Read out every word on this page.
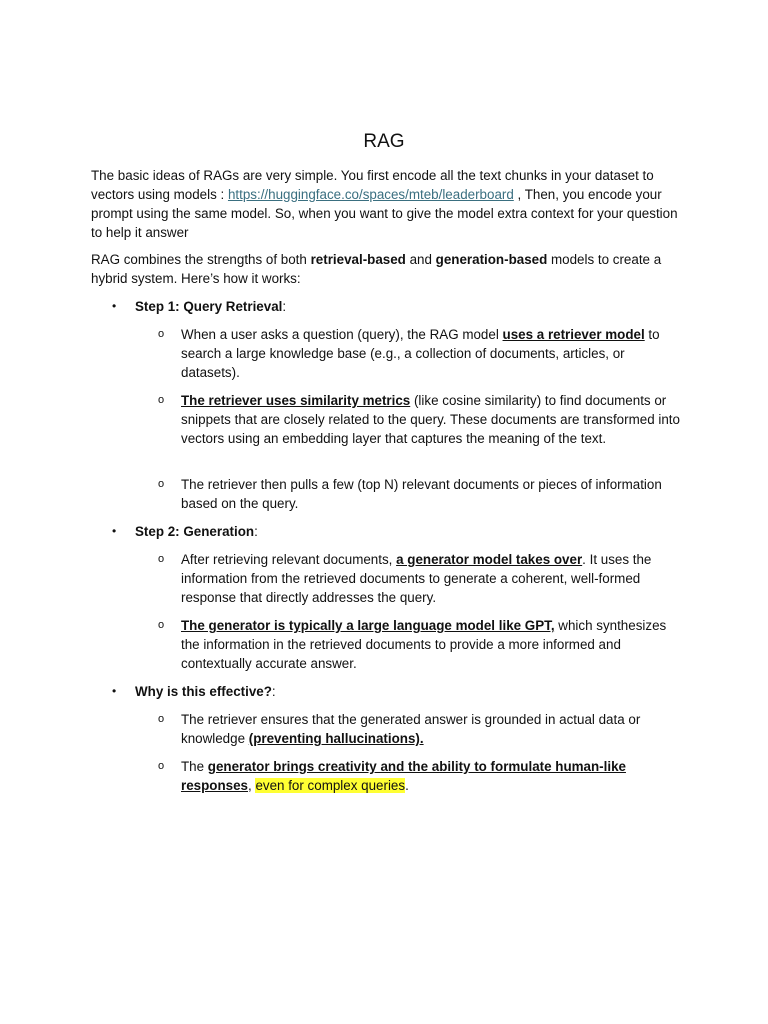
RAG
The basic ideas of RAGs are very simple. You first encode all the text chunks in your dataset to vectors using models : https://huggingface.co/spaces/mteb/leaderboard , Then, you encode your prompt using the same model. So, when you want to give the model extra context for your question to help it answer
RAG combines the strengths of both retrieval-based and generation-based models to create a hybrid system. Here’s how it works:
• Step 1: Query Retrieval:
o When a user asks a question (query), the RAG model uses a retriever model to search a large knowledge base (e.g., a collection of documents, articles, or datasets).
o The retriever uses similarity metrics (like cosine similarity) to find documents or snippets that are closely related to the query. These documents are transformed into vectors using an embedding layer that captures the meaning of the text.
o The retriever then pulls a few (top N) relevant documents or pieces of information based on the query.
• Step 2: Generation:
o After retrieving relevant documents, a generator model takes over. It uses the information from the retrieved documents to generate a coherent, well-formed response that directly addresses the query.
o The generator is typically a large language model like GPT, which synthesizes the information in the retrieved documents to provide a more informed and contextually accurate answer.
• Why is this effective?:
o The retriever ensures that the generated answer is grounded in actual data or knowledge (preventing hallucinations).
o The generator brings creativity and the ability to formulate human-like responses, even for complex queries.
